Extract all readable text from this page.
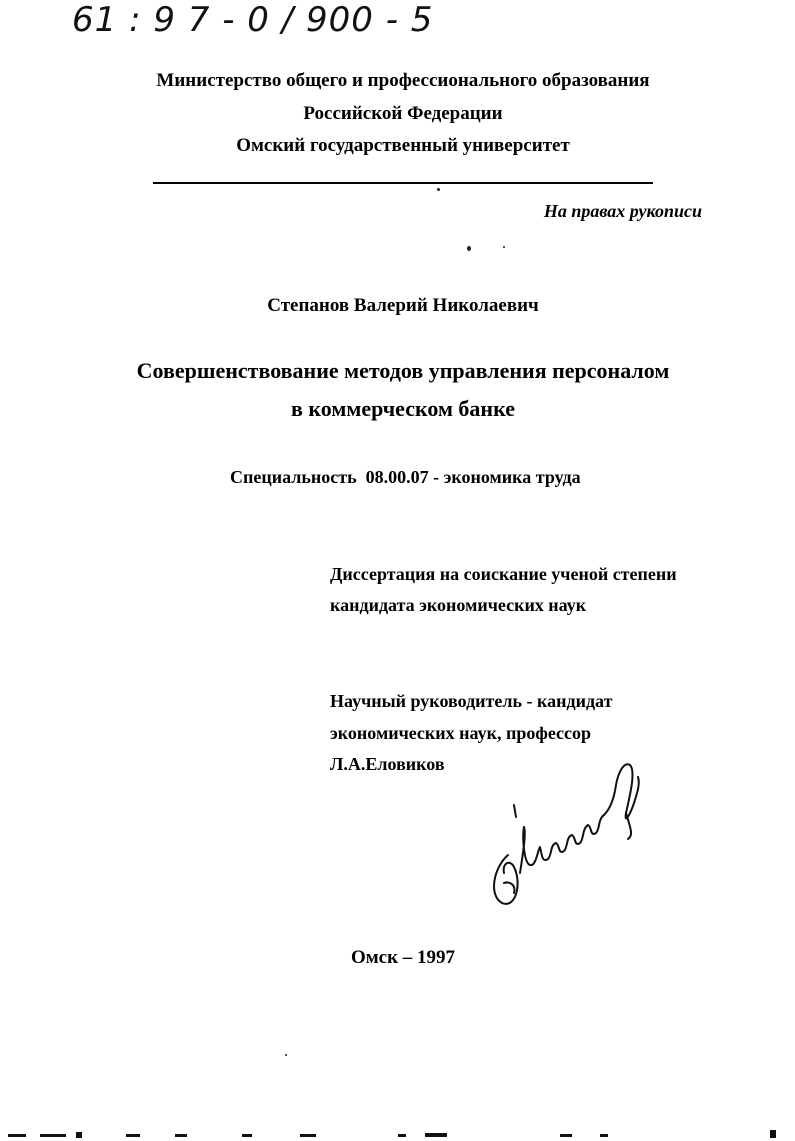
61 : 9 7 - 0 / 900 - 5
Министерство общего и профессионального образования
Российской Федерации
Омский государственный университет
На правах рукописи
Степанов Валерий Николаевич
Совершенствование методов управления персоналом
в коммерческом банке
Специальность  08.00.07 - экономика труда
Диссертация на соискание ученой степени
кандидата экономических наук
Научный руководитель - кандидат
экономических наук, профессор
Л.А.Еловиков
Омск – 1997
